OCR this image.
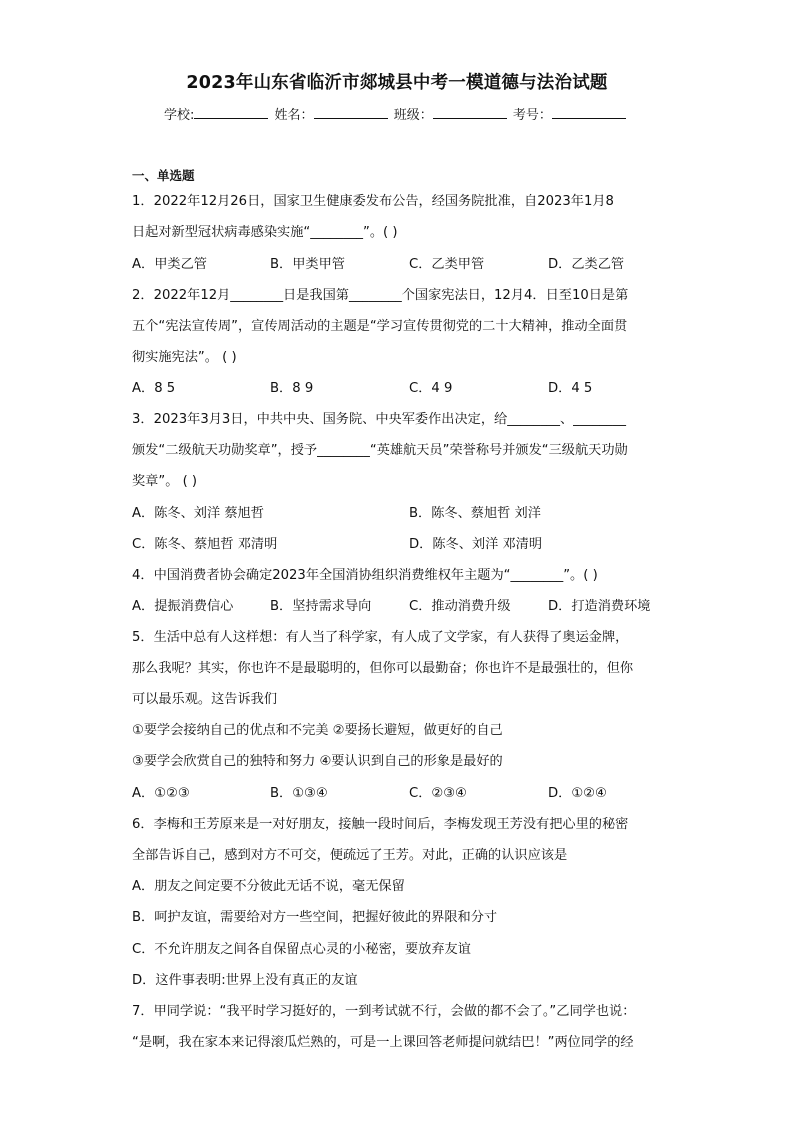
2023年山东省临沂市郯城县中考一模道德与法治试题
学校:	姓名：	班级：	考号：
一、单选题
1．2022年12月26日，国家卫生健康委发布公告，经国务院批准，自2023年1月8
日起对新型冠状病毒感染实施“________”。( )
A．甲类乙管	B．甲类甲管	C．乙类甲管	D．乙类乙管
2．2022年12月________日是我国第________个国家宪法日，12月4．日至10日是第
五个“宪法宣传周”，宣传周活动的主题是“学习宣传贯彻党的二十大精神，推动全面贯
彻实施宪法”。 ( )
A．8 5	B．8 9	C．4 9	D．4 5
3．2023年3月3日，中共中央、国务院、中央军委作出决定，给________、________
颁发“二级航天功勋奖章”，授予________“英雄航天员”荣誉称号并颁发“三级航天功勋
奖章”。 ( )
A．陈冬、刘洋 蔡旭哲	B．陈冬、蔡旭哲 刘洋
C．陈冬、蔡旭哲 邓清明	D．陈冬、刘洋 邓清明
4．中国消费者协会确定2023年全国消协组织消费维权年主题为“________”。( )
A．提振消费信心	B．坚持需求导向	C．推动消费升级	D．打造消费环境
5．生活中总有人这样想：有人当了科学家，有人成了文学家，有人获得了奥运金牌，
那么我呢？其实，你也许不是最聪明的，但你可以最勤奋；你也许不是最强壮的，但你
可以最乐观。这告诉我们
①要学会接纳自己的优点和不完美 ②要扬长避短，做更好的自己
③要学会欣赏自己的独特和努力 ④要认识到自己的形象是最好的
A．①②③	B．①③④	C．②③④	D．①②④
6．李梅和王芳原来是一对好朋友，接触一段时间后，李梅发现王芳没有把心里的秘密
全部告诉自己，感到对方不可交，便疏远了王芳。对此，正确的认识应该是
A．朋友之间定要不分彼此无话不说，毫无保留
B．呵护友谊，需要给对方一些空间，把握好彼此的界限和分寸
C．不允许朋友之间各自保留点心灵的小秘密，要放弃友谊
D．这件事表明:世界上没有真正的友谊
7．甲同学说：“我平时学习挺好的，一到考试就不行，会做的都不会了。”乙同学也说：
“是啊，我在家本来记得滚瓜烂熟的，可是一上课回答老师提问就结巴！”两位同学的经
